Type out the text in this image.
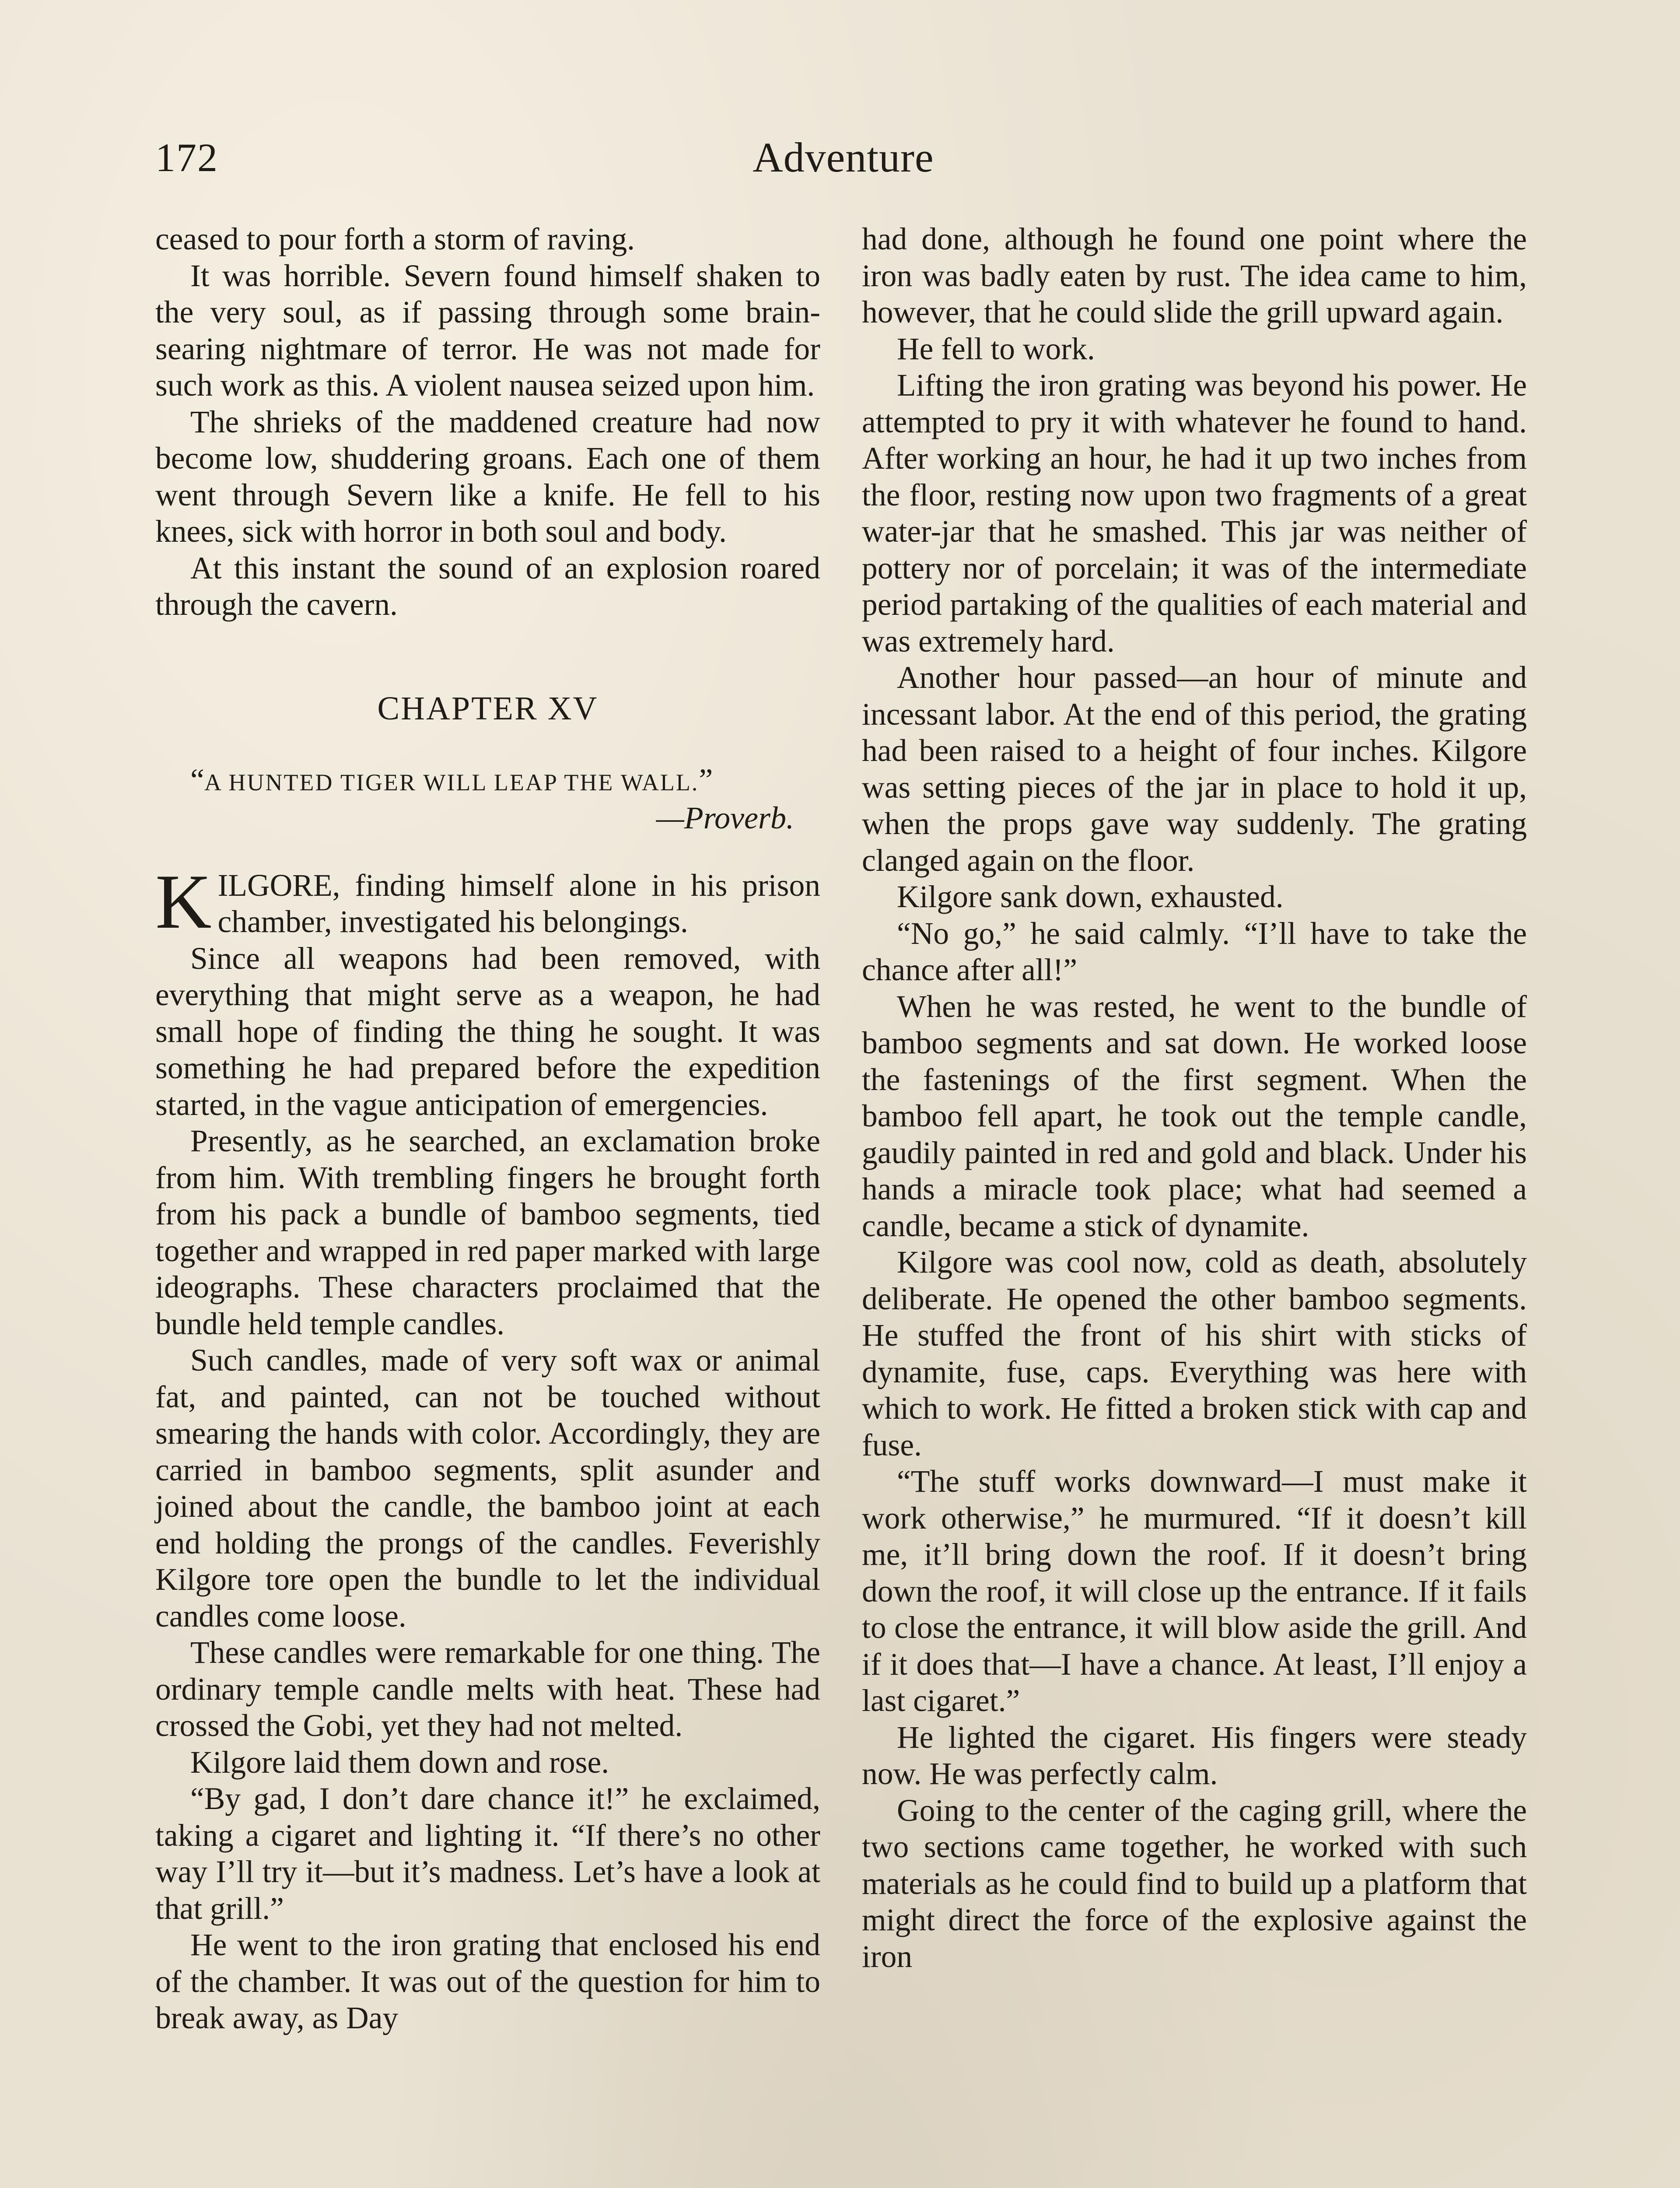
172	Adventure

ceased to pour forth a storm of raving.

It was horrible. Severn found himself shaken to the very soul, as if passing through some brain-searing nightmare of terror. He was not made for such work as this. A violent nausea seized upon him.

The shrieks of the maddened creature had now become low, shuddering groans. Each one of them went through Severn like a knife. He fell to his knees, sick with horror in both soul and body.

At this instant the sound of an explosion roared through the cavern.

CHAPTER XV
“A HUNTED TIGER WILL LEAP THE WALL.”
—Proverb.

KILGORE, finding himself alone in his prison chamber, investigated his belongings.

Since all weapons had been removed, with everything that might serve as a weapon, he had small hope of finding the thing he sought. It was something he had prepared before the expedition started, in the vague anticipation of emergencies.

Presently, as he searched, an exclamation broke from him. With trembling fingers he brought forth from his pack a bundle of bamboo segments, tied together and wrapped in red paper marked with large ideographs. These characters proclaimed that the bundle held temple candles.

Such candles, made of very soft wax or animal fat, and painted, can not be touched without smearing the hands with color. Accordingly, they are carried in bamboo segments, split asunder and joined about the candle, the bamboo joint at each end holding the prongs of the candles. Feverishly Kilgore tore open the bundle to let the individual candles come loose.

These candles were remarkable for one thing. The ordinary temple candle melts with heat. These had crossed the Gobi, yet they had not melted.

Kilgore laid them down and rose.

“By gad, I don’t dare chance it!” he exclaimed, taking a cigaret and lighting it. “If there’s no other way I’ll try it—but it’s madness. Let’s have a look at that grill.”

He went to the iron grating that enclosed his end of the chamber. It was out of the question for him to break away, as Day

had done, although he found one point where the iron was badly eaten by rust. The idea came to him, however, that he could slide the grill upward again.

He fell to work.

Lifting the iron grating was beyond his power. He attempted to pry it with whatever he found to hand. After working an hour, he had it up two inches from the floor, resting now upon two fragments of a great water-jar that he smashed. This jar was neither of pottery nor of porcelain; it was of the intermediate period partaking of the qualities of each material and was extremely hard.

Another hour passed—an hour of minute and incessant labor. At the end of this period, the grating had been raised to a height of four inches. Kilgore was setting pieces of the jar in place to hold it up, when the props gave way suddenly. The grating clanged again on the floor.

Kilgore sank down, exhausted.

“No go,” he said calmly. “I’ll have to take the chance after all!”

When he was rested, he went to the bundle of bamboo segments and sat down. He worked loose the fastenings of the first segment. When the bamboo fell apart, he took out the temple candle, gaudily painted in red and gold and black. Under his hands a miracle took place; what had seemed a candle, became a stick of dynamite.

Kilgore was cool now, cold as death, absolutely deliberate. He opened the other bamboo segments. He stuffed the front of his shirt with sticks of dynamite, fuse, caps. Everything was here with which to work. He fitted a broken stick with cap and fuse.

“The stuff works downward—I must make it work otherwise,” he murmured. “If it doesn’t kill me, it’ll bring down the roof. If it doesn’t bring down the roof, it will close up the entrance. If it fails to close the entrance, it will blow aside the grill. And if it does that—I have a chance. At least, I’ll enjoy a last cigaret.”

He lighted the cigaret. His fingers were steady now. He was perfectly calm.

Going to the center of the caging grill, where the two sections came together, he worked with such materials as he could find to build up a platform that might direct the force of the explosive against the iron
